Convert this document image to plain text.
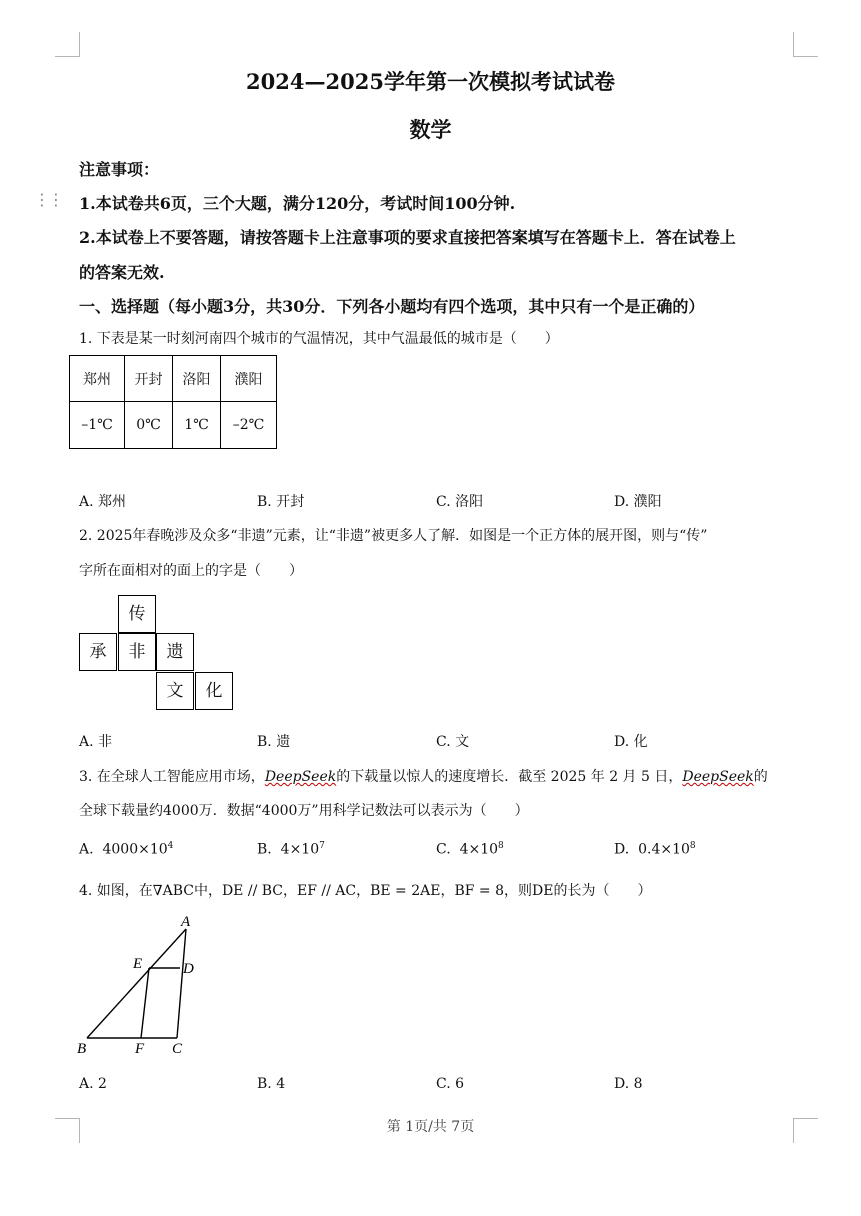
2024—2025学年第一次模拟考试试卷
数学
⋮⋮
注意事项：
1.本试卷共6页，三个大题，满分120分，考试时间100分钟.
2.本试卷上不要答题，请按答题卡上注意事项的要求直接把答案填写在答题卡上．答在试卷上
的答案无效.
一、选择题（每小题3分，共30分．下列各小题均有四个选项，其中只有一个是正确的）
1. 下表是某一时刻河南四个城市的气温情况，其中气温最低的城市是（　　）
郑州	开封	洛阳	濮阳
–1℃	0℃	1℃	–2℃
A. 郑州	B. 开封	C. 洛阳	D. 濮阳
2. 2025年春晚涉及众多“非遗”元素，让“非遗”被更多人了解．如图是一个正方体的展开图，则与“传”
字所在面相对的面上的字是（　　）
传
承	非	遗
文	化
A. 非	B. 遗	C. 文	D. 化
3. 在全球人工智能应用市场，DeepSeek的下载量以惊人的速度增长．截至 2025 年 2 月 5 日，DeepSeek的
全球下载量约4000万．数据“4000万”用科学记数法可以表示为（　　）
A. $4000\times 10^4$	B. $4\times 10^7$	C. $4\times 10^8$	D. $0.4\times 10^8$
4. 如图，在∇ABC中，DE // BC，EF // AC，BE = 2AE，BF = 8，则DE的长为（　　）
A
E	D
B	F C
A. 2	B. 4	C. 6	D. 8
第 1页/共 7页
